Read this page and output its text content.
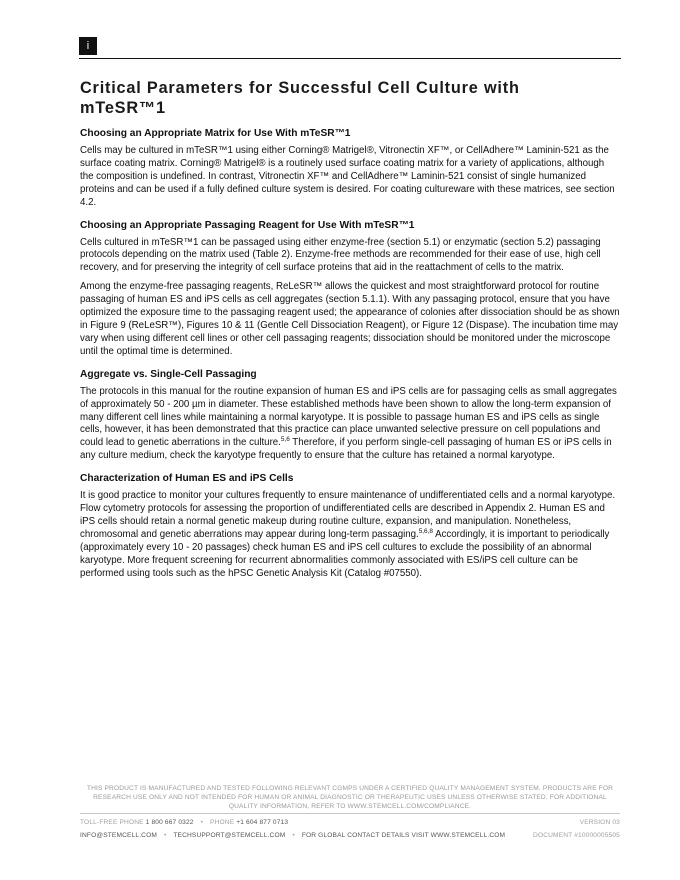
i
Critical Parameters for Successful Cell Culture with
mTeSR™1
Choosing an Appropriate Matrix for Use With mTeSR™1

Cells may be cultured in mTeSR™1 using either Corning® Matrigel®, Vitronectin XF™, or CellAdhere™ Laminin-521 as the surface coating matrix. Corning® Matrigel® is a routinely used surface coating matrix for a variety of applications, although the composition is undefined. In contrast, Vitronectin XF™ and CellAdhere™ Laminin-521 consist of single humanized proteins and can be used if a fully defined culture system is desired. For coating cultureware with these matrices, see section 4.2.

Choosing an Appropriate Passaging Reagent for Use With mTeSR™1

Cells cultured in mTeSR™1 can be passaged using either enzyme-free (section 5.1) or enzymatic (section 5.2) passaging protocols depending on the matrix used (Table 2). Enzyme-free methods are recommended for their ease of use, high cell recovery, and for preserving the integrity of cell surface proteins that aid in the reattachment of cells to the matrix.

Among the enzyme-free passaging reagents, ReLeSR™ allows the quickest and most straightforward protocol for routine passaging of human ES and iPS cells as cell aggregates (section 5.1.1). With any passaging protocol, ensure that you have optimized the exposure time to the passaging reagent used; the appearance of colonies after dissociation should be as shown in Figure 9 (ReLeSR™), Figures 10 & 11 (Gentle Cell Dissociation Reagent), or Figure 12 (Dispase). The incubation time may vary when using different cell lines or other cell passaging reagents; dissociation should be monitored under the microscope until the optimal time is determined.

Aggregate vs. Single-Cell Passaging

The protocols in this manual for the routine expansion of human ES and iPS cells are for passaging cells as small aggregates of approximately 50 - 200 µm in diameter. These established methods have been shown to allow the long-term expansion of many different cell lines while maintaining a normal karyotype. It is possible to passage human ES and iPS cells as single cells, however, it has been demonstrated that this practice can place unwanted selective pressure on cell populations and could lead to genetic aberrations in the culture.$^{5,6}$ Therefore, if you perform single-cell passaging of human ES or iPS cells in any culture medium, check the karyotype frequently to ensure that the culture has retained a normal karyotype.

Characterization of Human ES and iPS Cells

It is good practice to monitor your cultures frequently to ensure maintenance of undifferentiated cells and a normal karyotype. Flow cytometry protocols for assessing the proportion of undifferentiated cells are described in Appendix 2. Human ES and iPS cells should retain a normal genetic makeup during routine culture, expansion, and manipulation. Nonetheless, chromosomal and genetic aberrations may appear during long-term passaging.$^{5,6,8}$ Accordingly, it is important to periodically (approximately every 10 - 20 passages) check human ES and iPS cell cultures to exclude the possibility of an abnormal karyotype. More frequent screening for recurrent abnormalities commonly associated with ES/iPS cell culture can be performed using tools such as the hPSC Genetic Analysis Kit (Catalog #07550).

THIS PRODUCT IS MANUFACTURED AND TESTED FOLLOWING RELEVANT CGMPS UNDER A CERTIFIED QUALITY MANAGEMENT SYSTEM. PRODUCTS ARE FOR RESEARCH USE ONLY AND NOT INTENDED FOR HUMAN OR ANIMAL DIAGNOSTIC OR THERAPEUTIC USES UNLESS OTHERWISE STATED. FOR ADDITIONAL QUALITY INFORMATION, REFER TO WWW.STEMCELL.COM/COMPLIANCE.
TOLL-FREE PHONE 1 800 667 0322 • PHONE +1 604 877 0713	VERSION 03
INFO@STEMCELL.COM • TECHSUPPORT@STEMCELL.COM • FOR GLOBAL CONTACT DETAILS VISIT WWW.STEMCELL.COM	DOCUMENT #10000005505
